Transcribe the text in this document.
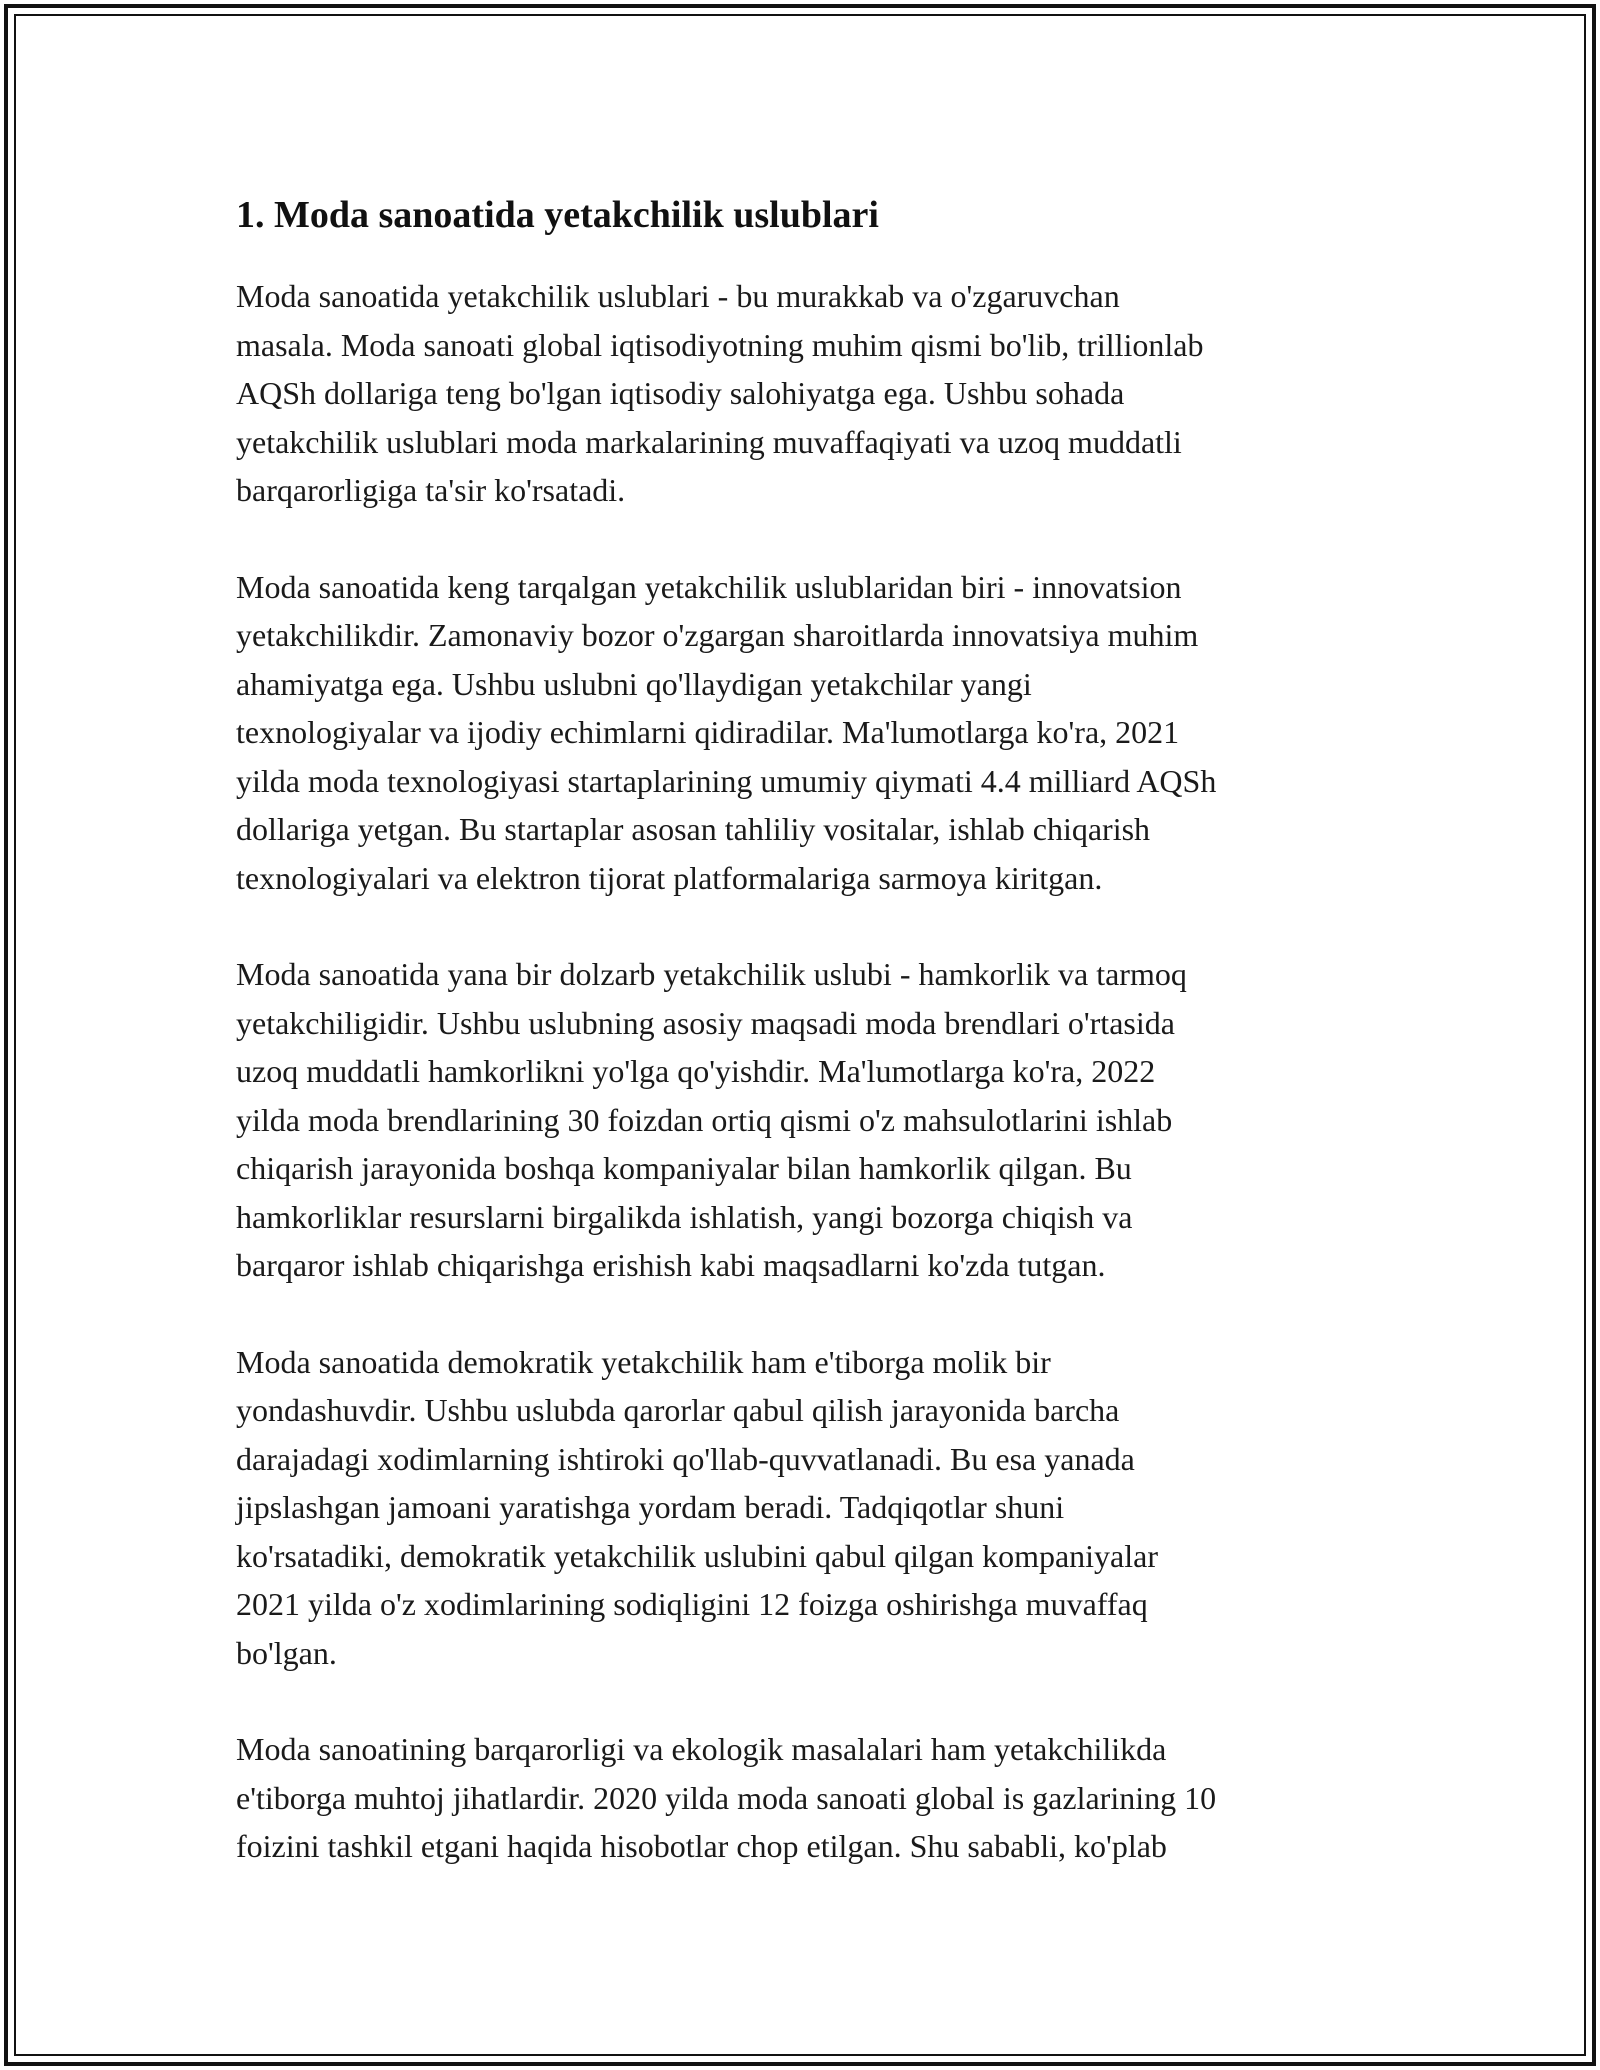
1. Moda sanoatida yetakchilik uslublari

Moda sanoatida yetakchilik uslublari - bu murakkab va o'zgaruvchan
masala. Moda sanoati global iqtisodiyotning muhim qismi bo'lib, trillionlab
AQSh dollariga teng bo'lgan iqtisodiy salohiyatga ega. Ushbu sohada
yetakchilik uslublari moda markalarining muvaffaqiyati va uzoq muddatli
barqarorligiga ta'sir ko'rsatadi.

Moda sanoatida keng tarqalgan yetakchilik uslublaridan biri - innovatsion
yetakchilikdir. Zamonaviy bozor o'zgargan sharoitlarda innovatsiya muhim
ahamiyatga ega. Ushbu uslubni qo'llaydigan yetakchilar yangi
texnologiyalar va ijodiy echimlarni qidiradilar. Ma'lumotlarga ko'ra, 2021
yilda moda texnologiyasi startaplarining umumiy qiymati 4.4 milliard AQSh
dollariga yetgan. Bu startaplar asosan tahliliy vositalar, ishlab chiqarish
texnologiyalari va elektron tijorat platformalariga sarmoya kiritgan.

Moda sanoatida yana bir dolzarb yetakchilik uslubi - hamkorlik va tarmoq
yetakchiligidir. Ushbu uslubning asosiy maqsadi moda brendlari o'rtasida
uzoq muddatli hamkorlikni yo'lga qo'yishdir. Ma'lumotlarga ko'ra, 2022
yilda moda brendlarining 30 foizdan ortiq qismi o'z mahsulotlarini ishlab
chiqarish jarayonida boshqa kompaniyalar bilan hamkorlik qilgan. Bu
hamkorliklar resurslarni birgalikda ishlatish, yangi bozorga chiqish va
barqaror ishlab chiqarishga erishish kabi maqsadlarni ko'zda tutgan.

Moda sanoatida demokratik yetakchilik ham e'tiborga molik bir
yondashuvdir. Ushbu uslubda qarorlar qabul qilish jarayonida barcha
darajadagi xodimlarning ishtiroki qo'llab-quvvatlanadi. Bu esa yanada
jipslashgan jamoani yaratishga yordam beradi. Tadqiqotlar shuni
ko'rsatadiki, demokratik yetakchilik uslubini qabul qilgan kompaniyalar
2021 yilda o'z xodimlarining sodiqligini 12 foizga oshirishga muvaffaq
bo'lgan.

Moda sanoatining barqarorligi va ekologik masalalari ham yetakchilikda
e'tiborga muhtoj jihatlardir. 2020 yilda moda sanoati global is gazlarining 10
foizini tashkil etgani haqida hisobotlar chop etilgan. Shu sababli, ko'plab
